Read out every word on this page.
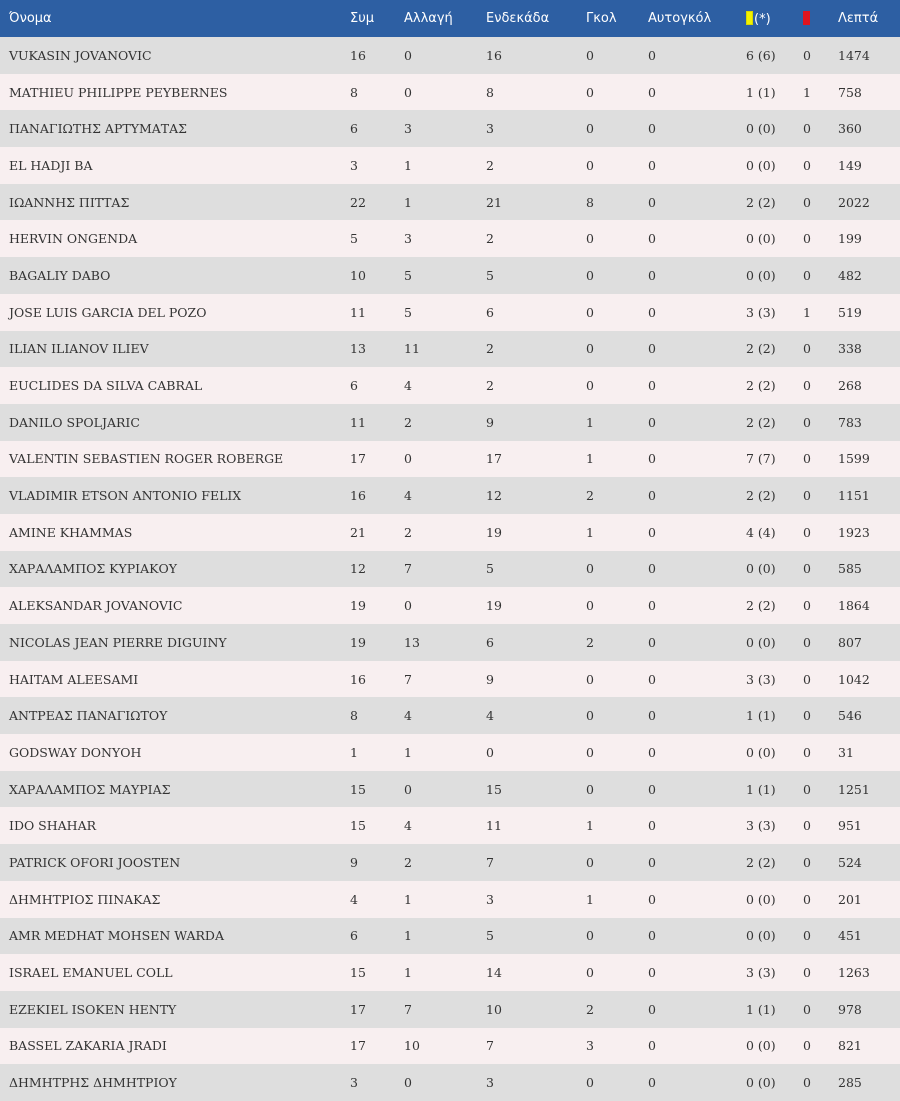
Όνομα	Συμ	Αλλαγή	Ενδεκάδα	Γκολ	Αυτογκόλ	(*)		Λεπτά
VUKASIN JOVANOVIC	16	0	16	0	0	6 (6)	0	1474
MATHIEU PHILIPPE PEYBERNES	8	0	8	0	0	1 (1)	1	758
ΠΑΝΑΓΙΩΤΗΣ ΑΡΤΥΜΑΤΑΣ	6	3	3	0	0	0 (0)	0	360
EL HADJI BA	3	1	2	0	0	0 (0)	0	149
ΙΩΑΝΝΗΣ ΠΙΤΤΑΣ	22	1	21	8	0	2 (2)	0	2022
HERVIN ONGENDA	5	3	2	0	0	0 (0)	0	199
BAGALIY DABO	10	5	5	0	0	0 (0)	0	482
JOSE LUIS GARCIA DEL POZO	11	5	6	0	0	3 (3)	1	519
ILIAN ILIANOV ILIEV	13	11	2	0	0	2 (2)	0	338
EUCLIDES DA SILVA CABRAL	6	4	2	0	0	2 (2)	0	268
DANILO SPOLJARIC	11	2	9	1	0	2 (2)	0	783
VALENTIN SEBASTIEN ROGER ROBERGE	17	0	17	1	0	7 (7)	0	1599
VLADIMIR ETSON ANTONIO FELIX	16	4	12	2	0	2 (2)	0	1151
AMINE KHAMMAS	21	2	19	1	0	4 (4)	0	1923
ΧΑΡΑΛΑΜΠΟΣ ΚΥΡΙΑΚΟΥ	12	7	5	0	0	0 (0)	0	585
ALEKSANDAR JOVANOVIC	19	0	19	0	0	2 (2)	0	1864
NICOLAS JEAN PIERRE DIGUINY	19	13	6	2	0	0 (0)	0	807
HAITAM ALEESAMI	16	7	9	0	0	3 (3)	0	1042
ΑΝΤΡΕΑΣ ΠΑΝΑΓΙΩΤΟΥ	8	4	4	0	0	1 (1)	0	546
GODSWAY DONYOH	1	1	0	0	0	0 (0)	0	31
ΧΑΡΑΛΑΜΠΟΣ ΜΑΥΡΙΑΣ	15	0	15	0	0	1 (1)	0	1251
IDO SHAHAR	15	4	11	1	0	3 (3)	0	951
PATRICK OFORI JOOSTEN	9	2	7	0	0	2 (2)	0	524
ΔΗΜΗΤΡΙΟΣ ΠΙΝΑΚΑΣ	4	1	3	1	0	0 (0)	0	201
AMR MEDHAT MOHSEN WARDA	6	1	5	0	0	0 (0)	0	451
ISRAEL EMANUEL COLL	15	1	14	0	0	3 (3)	0	1263
EZEKIEL ISOKEN HENTY	17	7	10	2	0	1 (1)	0	978
BASSEL ZAKARIA JRADI	17	10	7	3	0	0 (0)	0	821
ΔΗΜΗΤΡΗΣ ΔΗΜΗΤΡΙΟΥ	3	0	3	0	0	0 (0)	0	285
